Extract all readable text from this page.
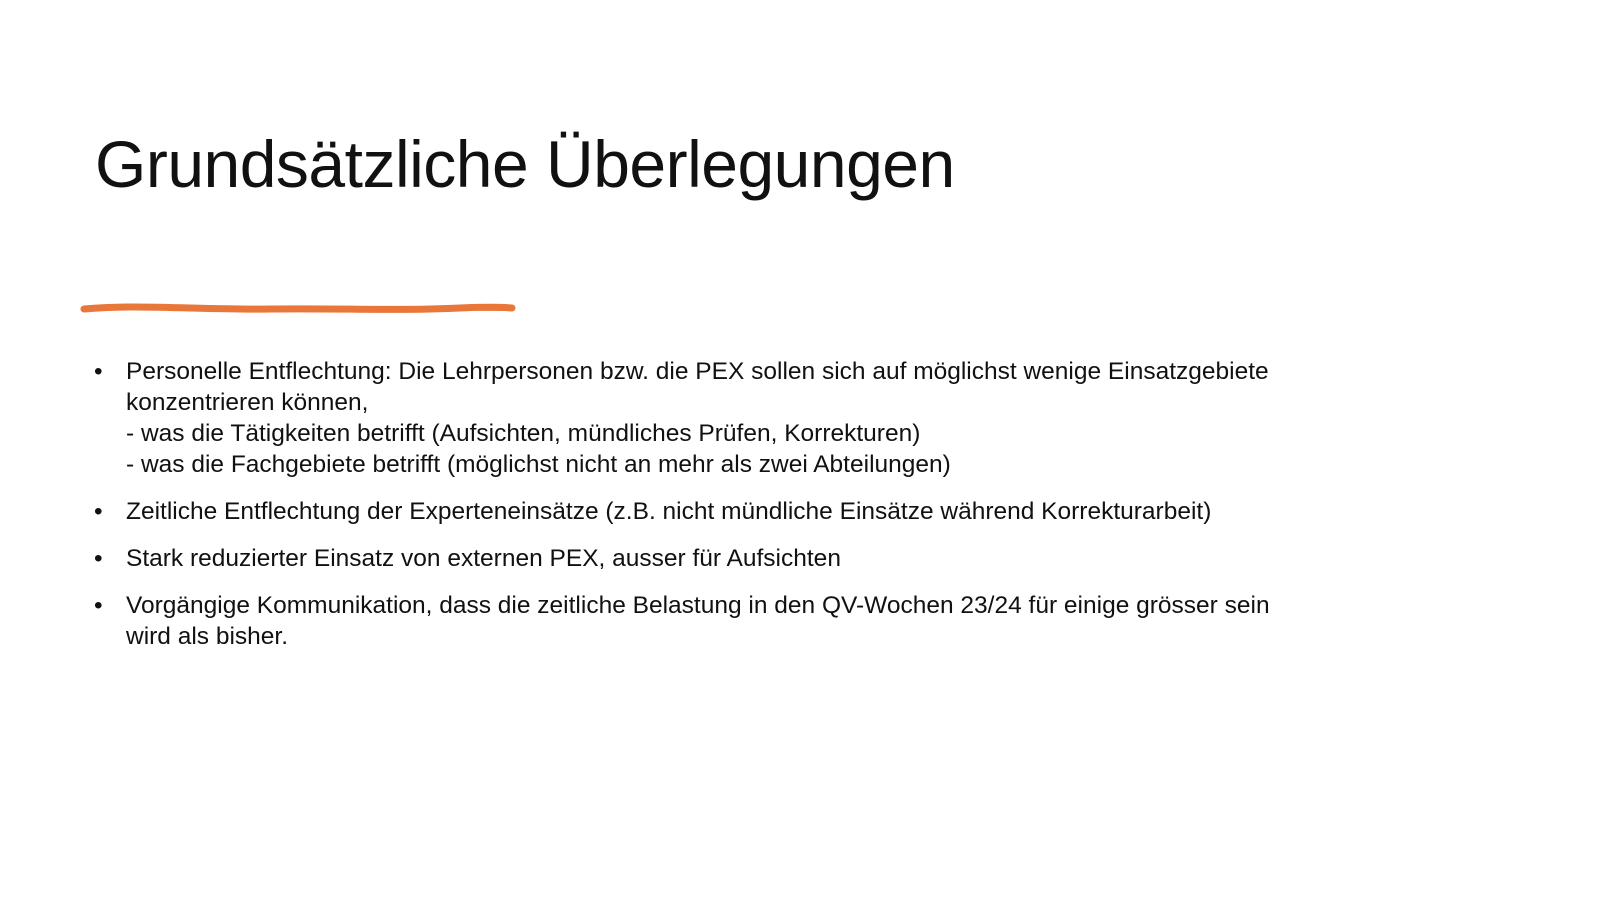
Grundsätzliche Überlegungen
• Personelle Entflechtung: Die Lehrpersonen bzw. die PEX sollen sich auf möglichst wenige Einsatzgebiete
konzentrieren können,
- was die Tätigkeiten betrifft (Aufsichten, mündliches Prüfen, Korrekturen)
- was die Fachgebiete betrifft (möglichst nicht an mehr als zwei Abteilungen)
• Zeitliche Entflechtung der Experteneinsätze (z.B. nicht mündliche Einsätze während Korrekturarbeit)
• Stark reduzierter Einsatz von externen PEX, ausser für Aufsichten
• Vorgängige Kommunikation, dass die zeitliche Belastung in den QV-Wochen 23/24 für einige grösser sein
wird als bisher.
